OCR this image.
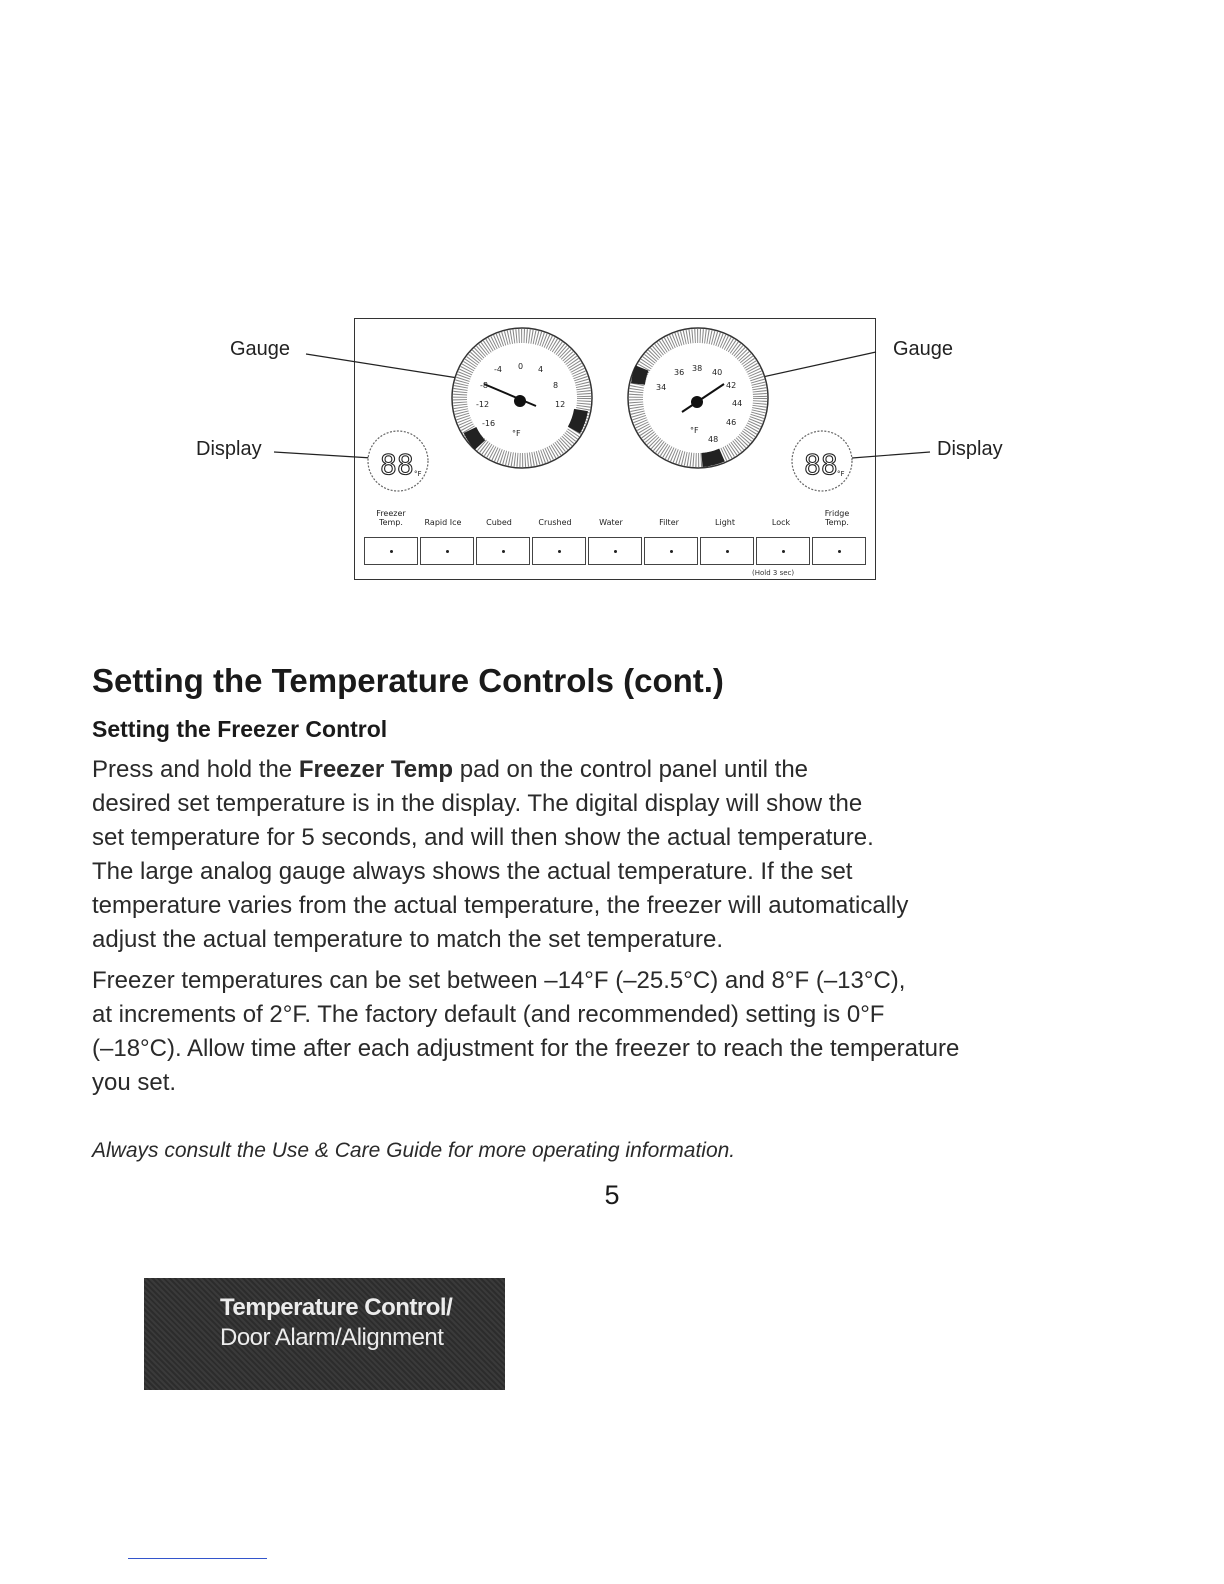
-4 0 4
-8	8
-12	12
-16
°F
36 38 40
34	42
44
46
48
°F
88 °F	88 °F
Gauge
Display
Gauge
Display
Freezer
Temp.	Rapid Ice	Cubed	Crushed	Water	Filter	Light	Lock
Fridge
Temp.
(Hold 3 sec)
Setting the Temperature Controls (cont.)
Setting the Freezer Control
Press and hold the Freezer Temp pad on the control panel until the
desired set temperature is in the display. The digital display will show the
set temperature for 5 seconds, and will then show the actual temperature.
The large analog gauge always shows the actual temperature. If the set
temperature varies from the actual temperature, the freezer will automatically
adjust the actual temperature to match the set temperature.
Freezer temperatures can be set between –14°F (–25.5°C) and 8°F (–13°C),
at increments of 2°F. The factory default (and recommended) setting is 0°F
(–18°C). Allow time after each adjustment for the freezer to reach the temperature
you set.
Always consult the Use & Care Guide for more operating information.
5
Temperature Control/
Door Alarm/Alignment
